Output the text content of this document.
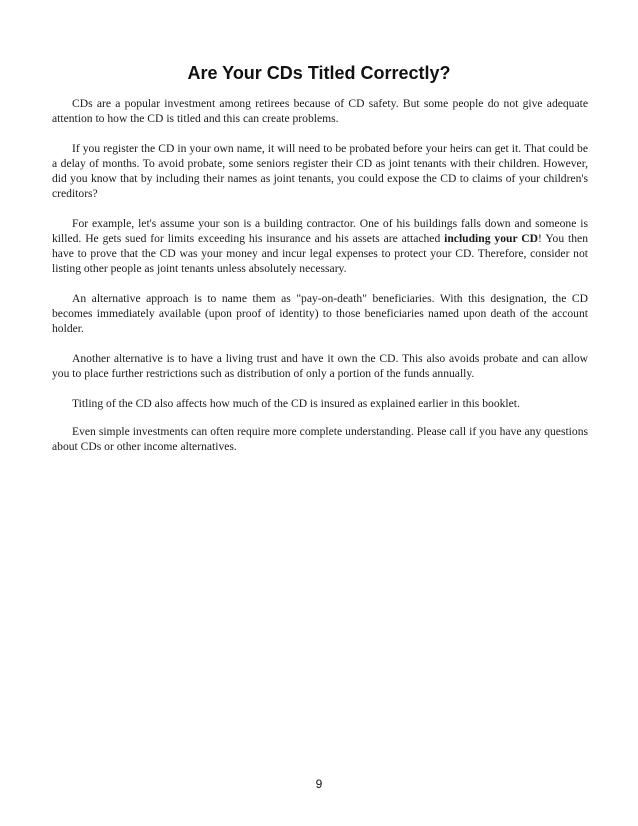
Are Your CDs Titled Correctly?

CDs are a popular investment among retirees because of CD safety. But some people do not give adequate attention to how the CD is titled and this can create problems.

If you register the CD in your own name, it will need to be probated before your heirs can get it. That could be a delay of months. To avoid probate, some seniors register their CD as joint tenants with their children. However, did you know that by including their names as joint tenants, you could expose the CD to claims of your children's creditors?

For example, let's assume your son is a building contractor. One of his buildings falls down and someone is killed. He gets sued for limits exceeding his insurance and his assets are attached including your CD! You then have to prove that the CD was your money and incur legal expenses to protect your CD. Therefore, consider not listing other people as joint tenants unless absolutely necessary.

An alternative approach is to name them as "pay-on-death" beneficiaries. With this designation, the CD becomes immediately available (upon proof of identity) to those beneficiaries named upon death of the account holder.

Another alternative is to have a living trust and have it own the CD. This also avoids probate and can allow you to place further restrictions such as distribution of only a portion of the funds annually.

Titling of the CD also affects how much of the CD is insured as explained earlier in this booklet.

Even simple investments can often require more complete understanding. Please call if you have any questions about CDs or other income alternatives.

9
